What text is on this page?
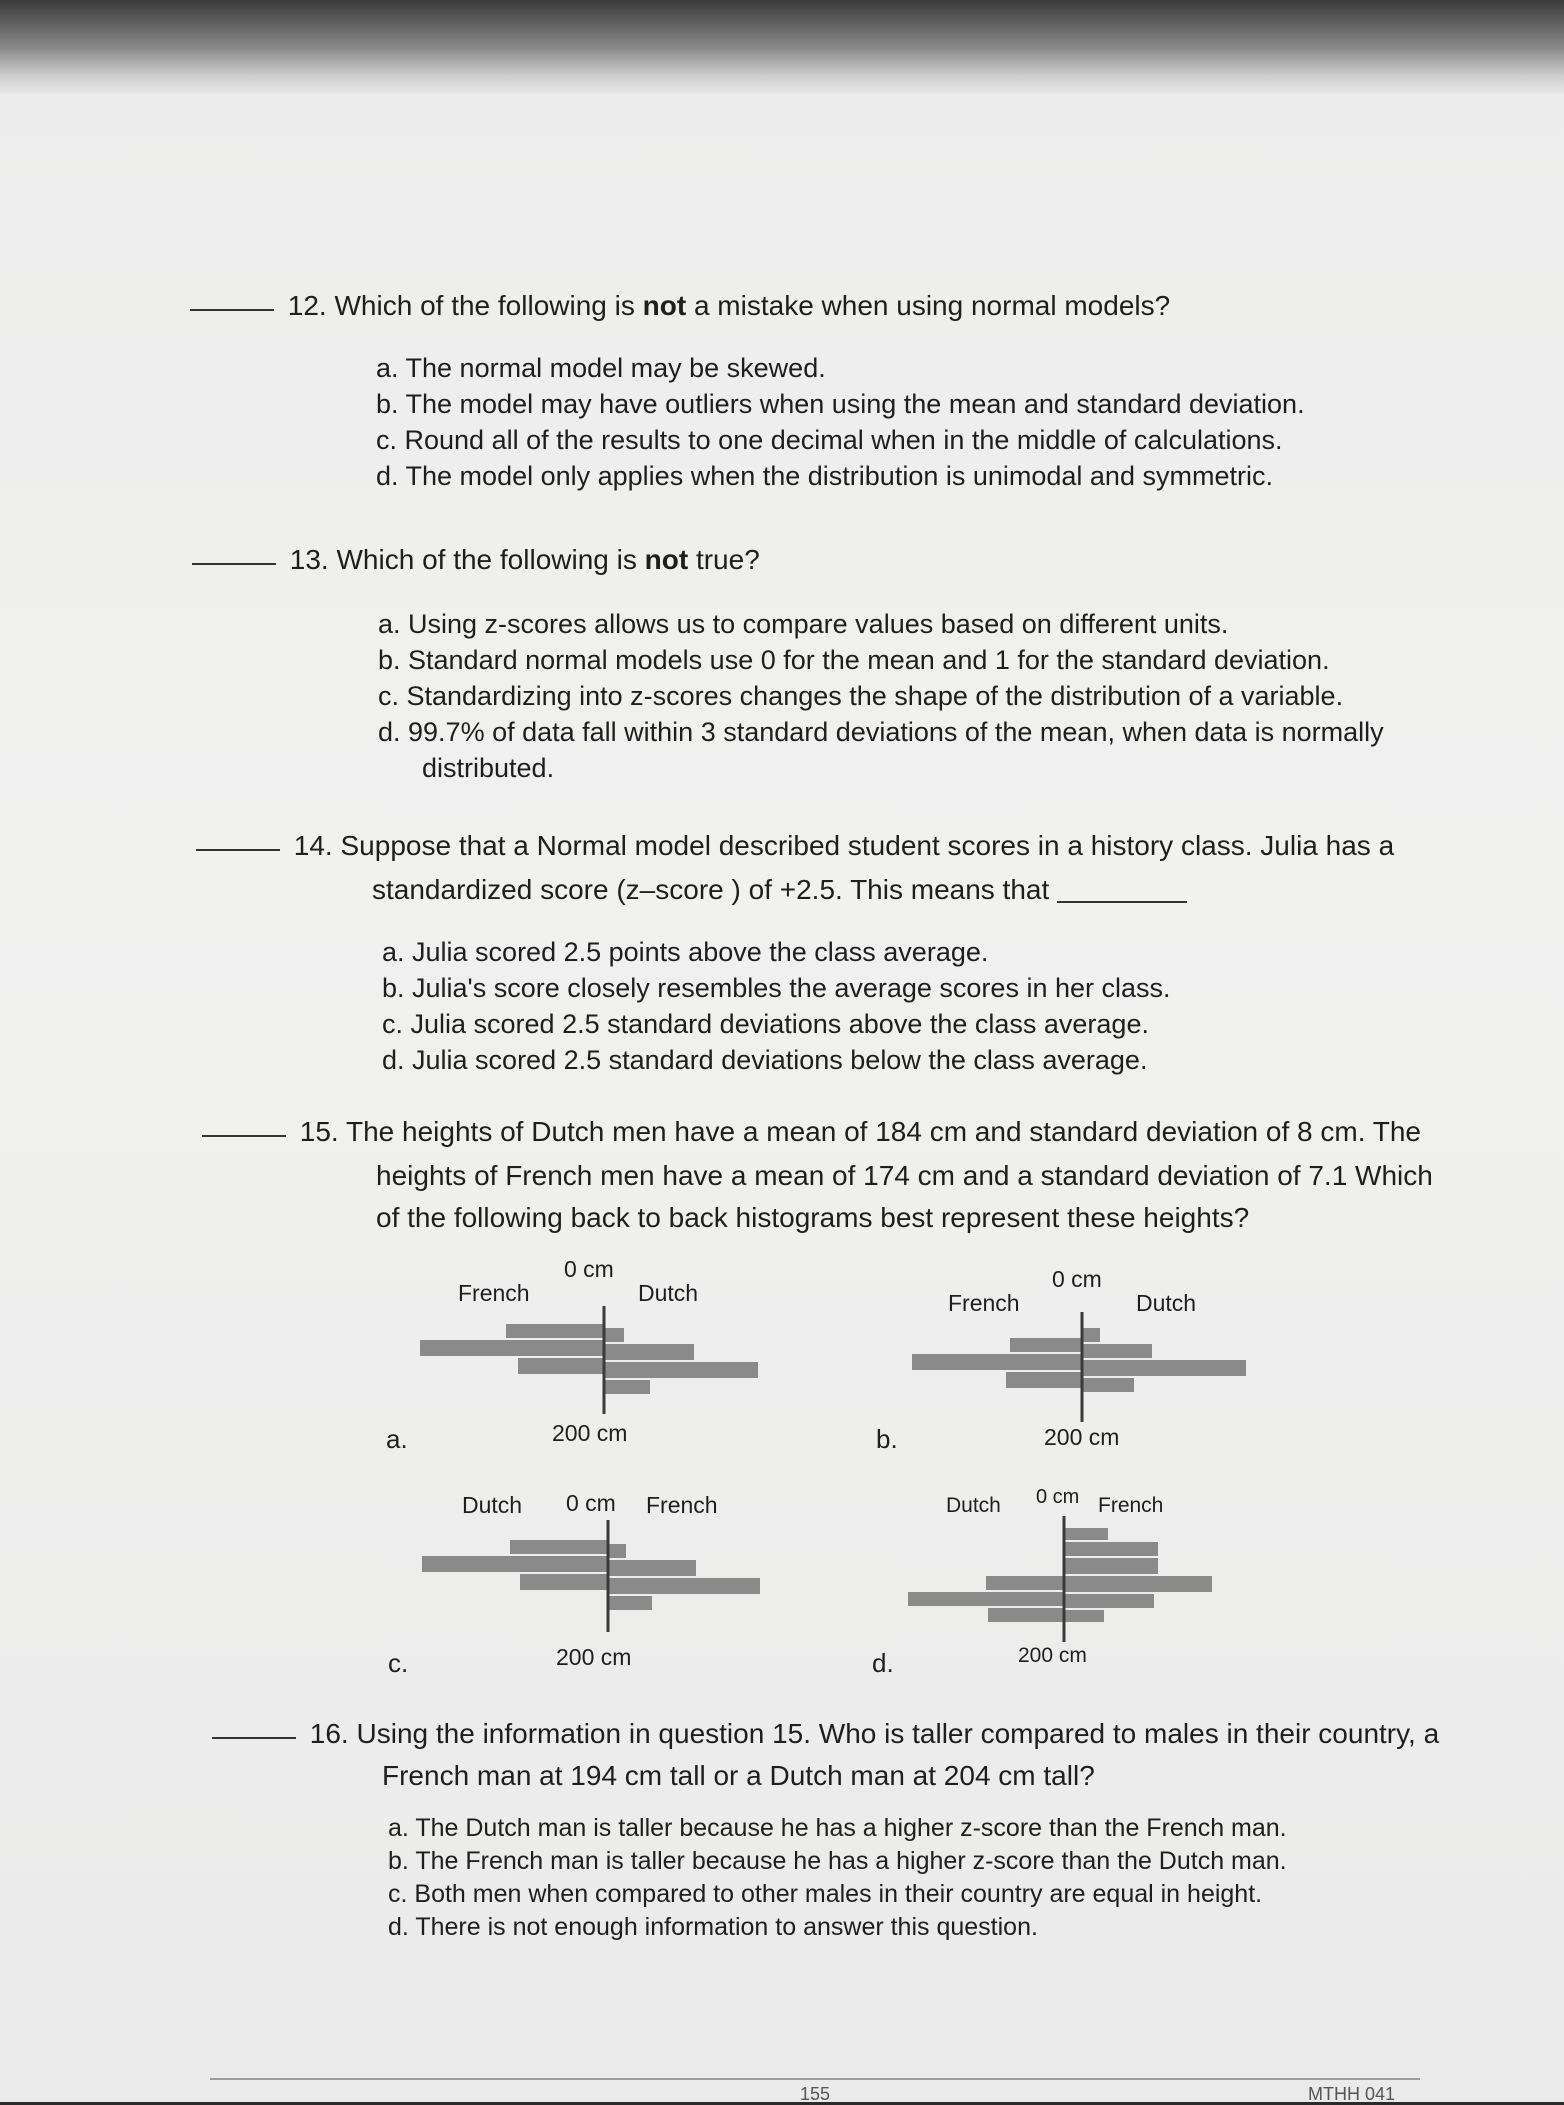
12. Which of the following is not a mistake when using normal models?
a. The normal model may be skewed.
b. The model may have outliers when using the mean and standard deviation.
c. Round all of the results to one decimal when in the middle of calculations.
d. The model only applies when the distribution is unimodal and symmetric.
13. Which of the following is not true?
a. Using z-scores allows us to compare values based on different units.
b. Standard normal models use 0 for the mean and 1 for the standard deviation.
c. Standardizing into z-scores changes the shape of the distribution of a variable.
d. 99.7% of data fall within 3 standard deviations of the mean, when data is normally
distributed.
14. Suppose that a Normal model described student scores in a history class. Julia has a
standardized score (z–score ) of +2.5. This means that
a. Julia scored 2.5 points above the class average.
b. Julia's score closely resembles the average scores in her class.
c. Julia scored 2.5 standard deviations above the class average.
d. Julia scored 2.5 standard deviations below the class average.
15. The heights of Dutch men have a mean of 184 cm and standard deviation of 8 cm. The
heights of French men have a mean of 174 cm and a standard deviation of 7.1 Which
of the following back to back histograms best represent these heights?
0 cm
French	Dutch
200 cm
a.
0 cm
French	Dutch
200 cm
b.
Dutch 0 cm French
200 cm
c.
Dutch 0 cm French
200 cm
d.
16. Using the information in question 15. Who is taller compared to males in their country, a
French man at 194 cm tall or a Dutch man at 204 cm tall?
a. The Dutch man is taller because he has a higher z-score than the French man.
b. The French man is taller because he has a higher z-score than the Dutch man.
c. Both men when compared to other males in their country are equal in height.
d. There is not enough information to answer this question.
155	MTHH 041
